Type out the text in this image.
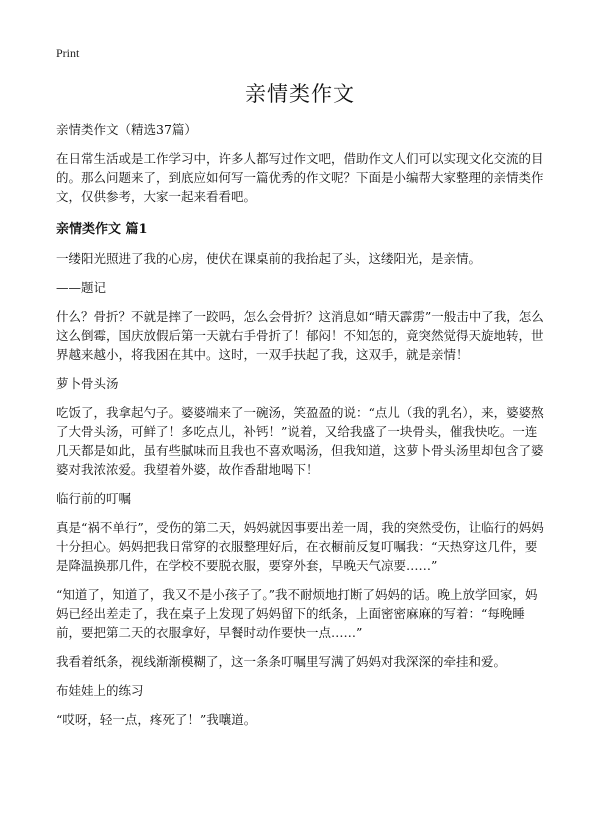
Print
亲情类作文

亲情类作文（精选37篇）

在日常生活或是工作学习中，许多人都写过作文吧，借助作文人们可以实现文化交流的目的。那么问题来了，到底应如何写一篇优秀的作文呢？下面是小编帮大家整理的亲情类作文，仅供参考，大家一起来看看吧。

亲情类作文 篇1

一缕阳光照进了我的心房，使伏在课桌前的我抬起了头，这缕阳光，是亲情。

——题记

什么？骨折？不就是摔了一跤吗，怎么会骨折？这消息如“晴天霹雳”一般击中了我，怎么这么倒霉，国庆放假后第一天就右手骨折了！郁闷！不知怎的，竟突然觉得天旋地转，世界越来越小，将我困在其中。这时，一双手扶起了我，这双手，就是亲情！

萝卜骨头汤

吃饭了，我拿起勺子。婆婆端来了一碗汤，笑盈盈的说：“点儿（我的乳名），来，婆婆熬了大骨头汤，可鲜了！多吃点儿，补钙！”说着，又给我盛了一块骨头，催我快吃。一连几天都是如此，虽有些腻味而且我也不喜欢喝汤，但我知道，这萝卜骨头汤里却包含了婆婆对我浓浓爱。我望着外婆，故作香甜地喝下！

临行前的叮嘱

真是“祸不单行”，受伤的第二天，妈妈就因事要出差一周，我的突然受伤，让临行的妈妈十分担心。妈妈把我日常穿的衣服整理好后，在衣橱前反复叮嘱我：“天热穿这几件，要是降温换那几件，在学校不要脱衣服，要穿外套，早晚天气凉要……”

“知道了，知道了，我又不是小孩子了。”我不耐烦地打断了妈妈的话。晚上放学回家，妈妈已经出差走了，我在桌子上发现了妈妈留下的纸条，上面密密麻麻的写着：“每晚睡前，要把第二天的衣服拿好，早餐时动作要快一点……”

我看着纸条，视线渐渐模糊了，这一条条叮嘱里写满了妈妈对我深深的牵挂和爱。

布娃娃上的练习

“哎呀，轻一点，疼死了！”我嚷道。
